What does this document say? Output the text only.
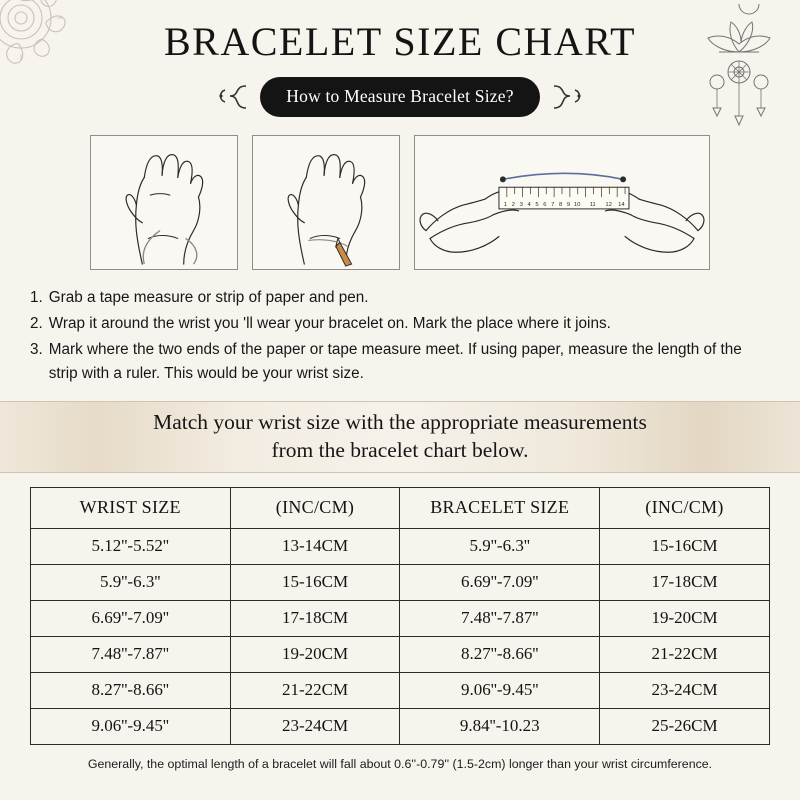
BRACELET SIZE CHART
How to Measure Bracelet Size?
1 2 3 4 5 6 7 8 9 10 11 12 14
1. Grab a tape measure or strip of paper and pen.
2. Wrap it around the wrist you 'll wear your bracelet on. Mark the place where it joins.
3. Mark where the two ends of the paper or tape measure meet. If using paper, measure the length of the strip with a ruler. This would be your wrist size.
Match your wrist size with the appropriate measurements
from the bracelet chart below.
WRIST SIZE	(INC/CM)	BRACELET SIZE	(INC/CM)
5.12''-5.52''	13-14CM	5.9''-6.3''	15-16CM
5.9''-6.3''	15-16CM	6.69''-7.09''	17-18CM
6.69''-7.09''	17-18CM	7.48''-7.87''	19-20CM
7.48''-7.87''	19-20CM	8.27''-8.66''	21-22CM
8.27''-8.66''	21-22CM	9.06''-9.45''	23-24CM
9.06''-9.45''	23-24CM	9.84''-10.23	25-26CM
Generally, the optimal length of a bracelet will fall about 0.6''-0.79'' (1.5-2cm) longer than your wrist circumference.
